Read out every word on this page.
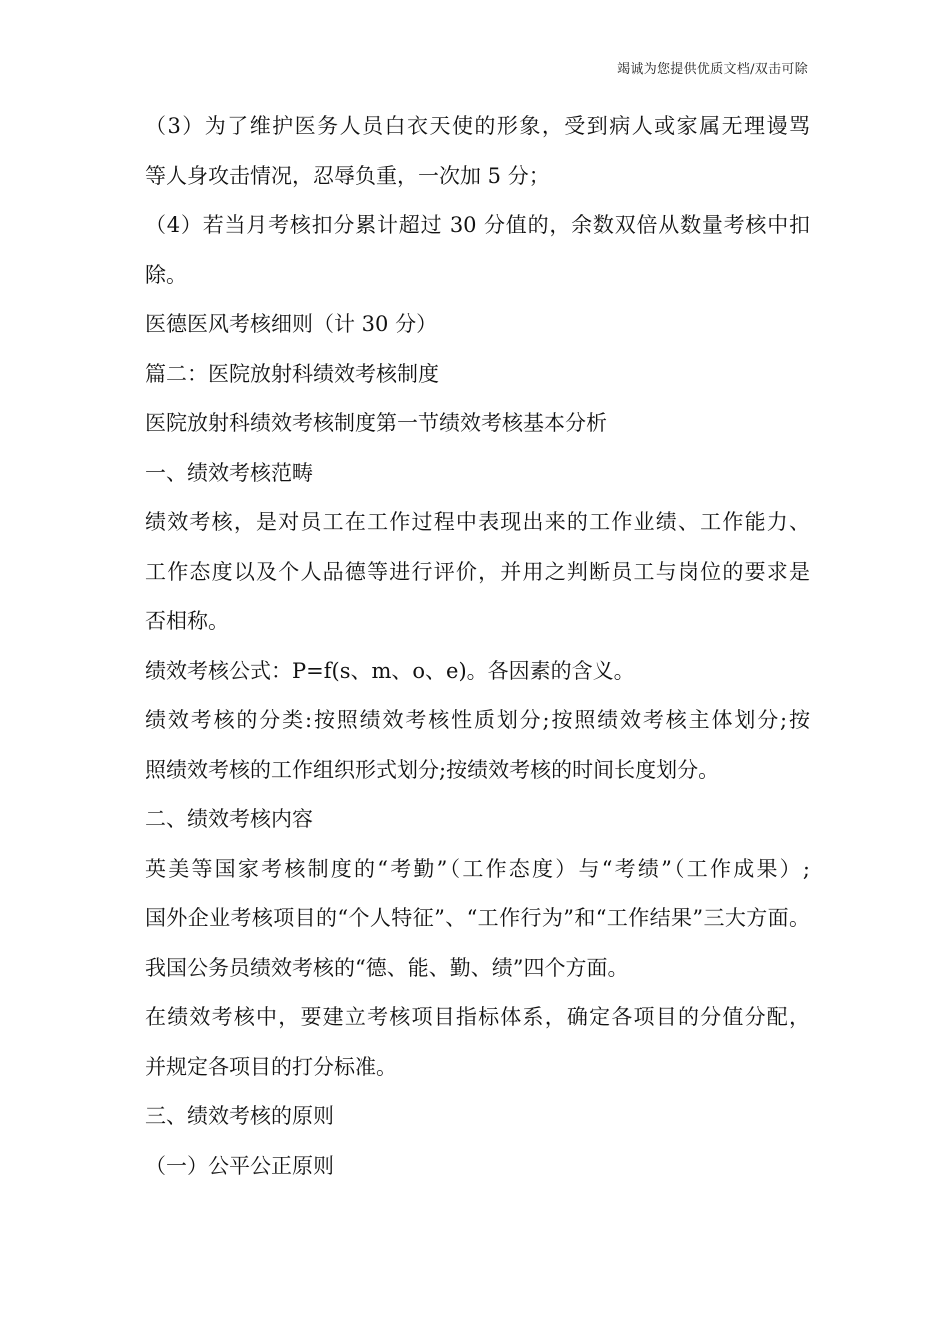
竭诚为您提供优质文档/双击可除
（3）为了维护医务人员白衣天使的形象，受到病人或家属无理谩骂
等人身攻击情况，忍辱负重，一次加 5 分；
（4）若当月考核扣分累计超过 30 分值的，余数双倍从数量考核中扣
除。
医德医风考核细则（计 30 分）
篇二：医院放射科绩效考核制度
医院放射科绩效考核制度第一节绩效考核基本分析
一、绩效考核范畴
绩效考核，是对员工在工作过程中表现出来的工作业绩、工作能力、
工作态度以及个人品德等进行评价，并用之判断员工与岗位的要求是
否相称。
绩效考核公式：P=f(s、m、o、e)。各因素的含义。
绩效考核的分类:按照绩效考核性质划分;按照绩效考核主体划分;按
照绩效考核的工作组织形式划分;按绩效考核的时间长度划分。
二、绩效考核内容
英美等国家考核制度的“考勤”（工作态度）与“考绩”（工作成果）;
国外企业考核项目的“个人特征”、“工作行为”和“工作结果”三大方面。
我国公务员绩效考核的“德、能、勤、绩”四个方面。
在绩效考核中，要建立考核项目指标体系，确定各项目的分值分配，
并规定各项目的打分标准。
三、绩效考核的原则
（一）公平公正原则
